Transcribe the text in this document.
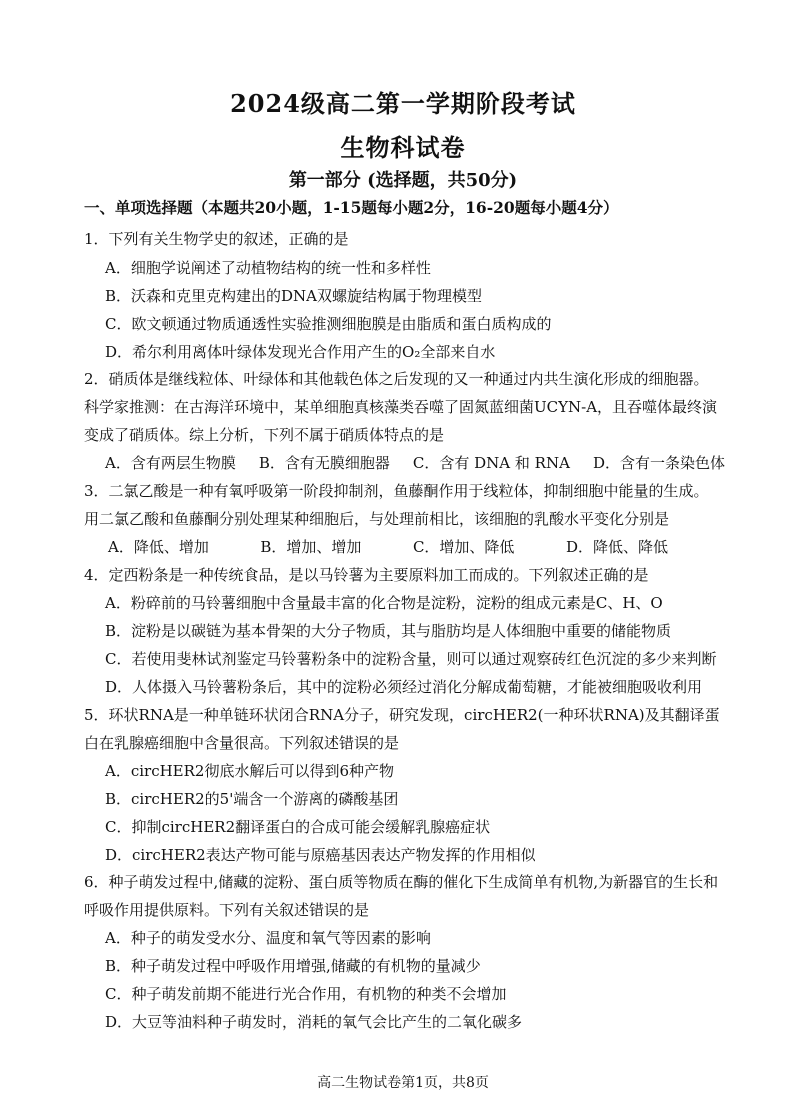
2024级高二第一学期阶段考试
生物科试卷
第一部分 (选择题，共50分)
一、单项选择题（本题共20小题，1-15题每小题2分，16-20题每小题4分）
1．下列有关生物学史的叙述，正确的是
A．细胞学说阐述了动植物结构的统一性和多样性
B．沃森和克里克构建出的DNA双螺旋结构属于物理模型
C．欧文顿通过物质通透性实验推测细胞膜是由脂质和蛋白质构成的
D．希尔利用离体叶绿体发现光合作用产生的O₂全部来自水
2．硝质体是继线粒体、叶绿体和其他载色体之后发现的又一种通过内共生演化形成的细胞器。
科学家推测：在古海洋环境中，某单细胞真核藻类吞噬了固氮蓝细菌UCYN-A，且吞噬体最终演
变成了硝质体。综上分析，下列不属于硝质体特点的是
A．含有两层生物膜 B．含有无膜细胞器 C．含有 DNA 和 RNA D．含有一条染色体
3．二氯乙酸是一种有氧呼吸第一阶段抑制剂，鱼藤酮作用于线粒体，抑制细胞中能量的生成。
用二氯乙酸和鱼藤酮分别处理某种细胞后，与处理前相比，该细胞的乳酸水平变化分别是
A．降低、增加	B．增加、增加	C．增加、降低	D．降低、降低
4．定西粉条是一种传统食品，是以马铃薯为主要原料加工而成的。下列叙述正确的是
A．粉碎前的马铃薯细胞中含量最丰富的化合物是淀粉，淀粉的组成元素是C、H、O
B．淀粉是以碳链为基本骨架的大分子物质，其与脂肪均是人体细胞中重要的储能物质
C．若使用斐林试剂鉴定马铃薯粉条中的淀粉含量，则可以通过观察砖红色沉淀的多少来判断
D．人体摄入马铃薯粉条后，其中的淀粉必须经过消化分解成葡萄糖，才能被细胞吸收利用
5．环状RNA是一种单链环状闭合RNA分子，研究发现，circHER2(一种环状RNA)及其翻译蛋
白在乳腺癌细胞中含量很高。下列叙述错误的是
A．circHER2彻底水解后可以得到6种产物
B．circHER2的5'端含一个游离的磷酸基团
C．抑制circHER2翻译蛋白的合成可能会缓解乳腺癌症状
D．circHER2表达产物可能与原癌基因表达产物发挥的作用相似
6．种子萌发过程中,储藏的淀粉、蛋白质等物质在酶的催化下生成简单有机物,为新器官的生长和
呼吸作用提供原料。下列有关叙述错误的是
A．种子的萌发受水分、温度和氧气等因素的影响
B．种子萌发过程中呼吸作用增强,储藏的有机物的量减少
C．种子萌发前期不能进行光合作用，有机物的种类不会增加
D．大豆等油料种子萌发时，消耗的氧气会比产生的二氧化碳多
高二生物试卷第1页，共8页
